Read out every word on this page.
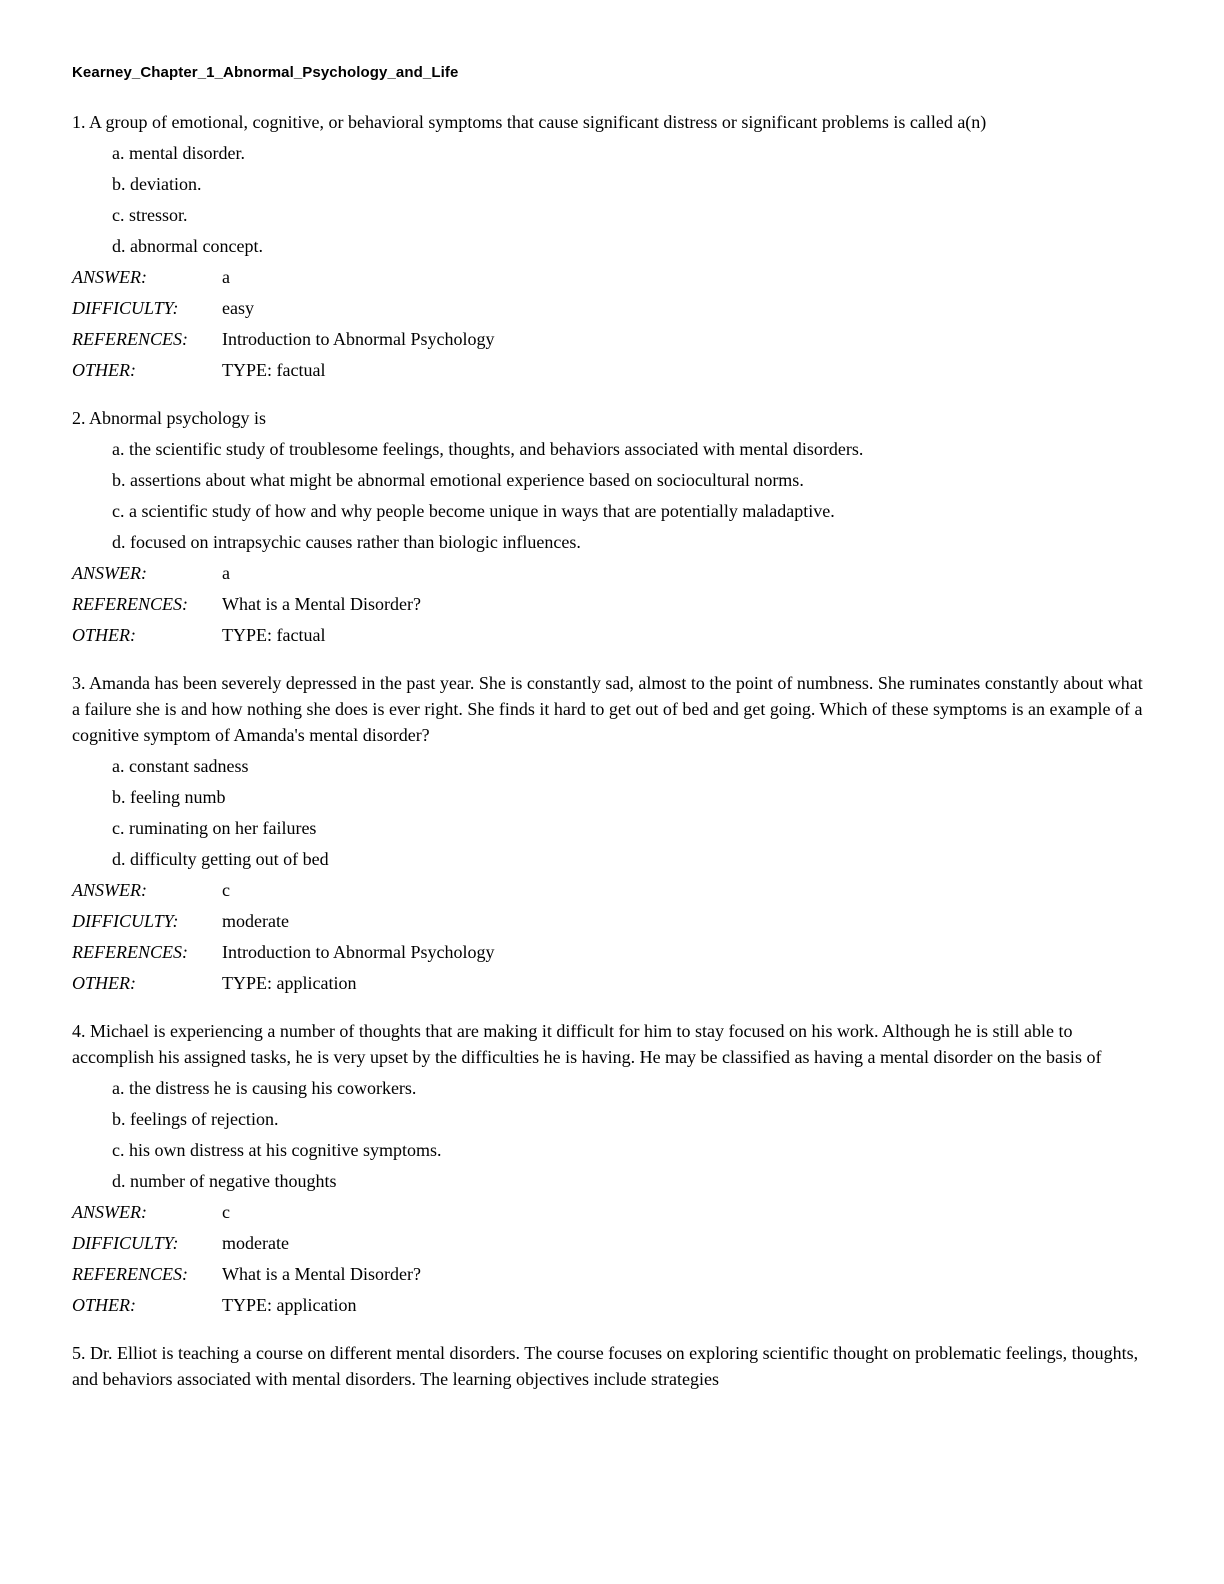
Kearney_Chapter_1_Abnormal_Psychology_and_Life

1. A group of emotional, cognitive, or behavioral symptoms that cause significant distress or significant problems is called a(n)

a. mental disorder.

b. deviation.

c. stressor.

d. abnormal concept.

ANSWER:	a
DIFFICULTY:	easy
REFERENCES:	Introduction to Abnormal Psychology
OTHER:	TYPE: factual

2. Abnormal psychology is

a. the scientific study of troublesome feelings, thoughts, and behaviors associated with mental disorders.

b. assertions about what might be abnormal emotional experience based on sociocultural norms.

c. a scientific study of how and why people become unique in ways that are potentially maladaptive.

d. focused on intrapsychic causes rather than biologic influences.

ANSWER:	a
REFERENCES:	What is a Mental Disorder?
OTHER:	TYPE: factual

3. Amanda has been severely depressed in the past year. She is constantly sad, almost to the point of numbness. She ruminates constantly about what a failure she is and how nothing she does is ever right. She finds it hard to get out of bed and get going. Which of these symptoms is an example of a cognitive symptom of Amanda's mental disorder?

a. constant sadness

b. feeling numb

c. ruminating on her failures

d. difficulty getting out of bed

ANSWER:	c
DIFFICULTY:	moderate
REFERENCES:	Introduction to Abnormal Psychology
OTHER:	TYPE: application

4. Michael is experiencing a number of thoughts that are making it difficult for him to stay focused on his work. Although he is still able to accomplish his assigned tasks, he is very upset by the difficulties he is having. He may be classified as having a mental disorder on the basis of

a. the distress he is causing his coworkers.

b. feelings of rejection.

c. his own distress at his cognitive symptoms.

d. number of negative thoughts

ANSWER:	c
DIFFICULTY:	moderate
REFERENCES:	What is a Mental Disorder?
OTHER:	TYPE: application

5. Dr. Elliot is teaching a course on different mental disorders. The course focuses on exploring scientific thought on problematic feelings, thoughts, and behaviors associated with mental disorders. The learning objectives include strategies
